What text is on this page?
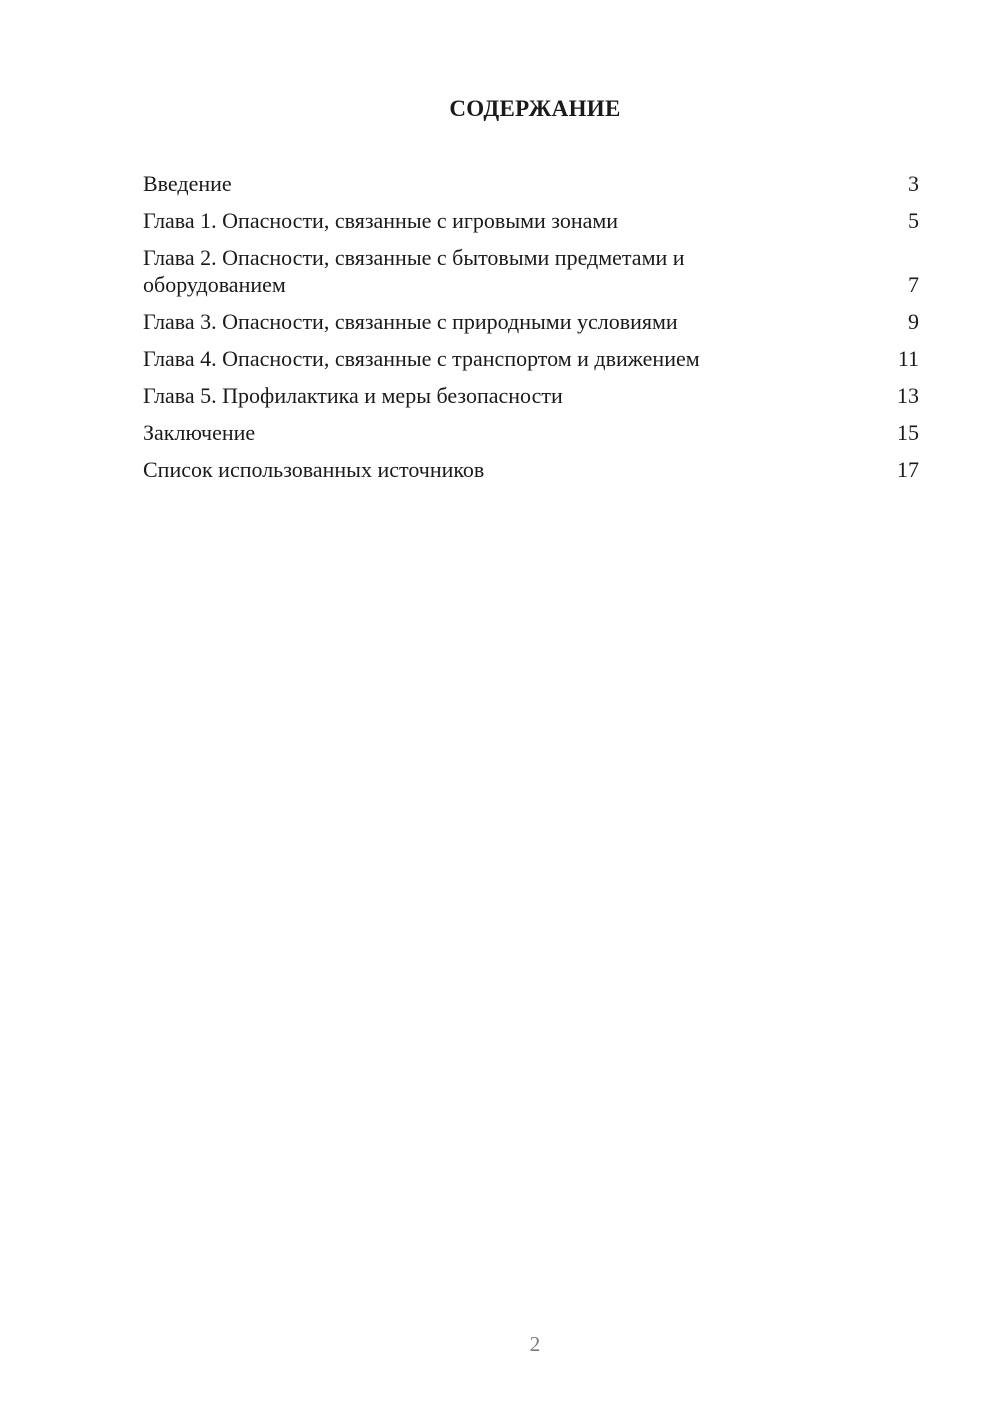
СОДЕРЖАНИЕ
Введение	3
Глава 1. Опасности, связанные с игровыми зонами	5
Глава 2. Опасности, связанные с бытовыми предметами и оборудованием	7
Глава 3. Опасности, связанные с природными условиями	9
Глава 4. Опасности, связанные с транспортом и движением	11
Глава 5. Профилактика и меры безопасности	13
Заключение	15
Список использованных источников	17
2
